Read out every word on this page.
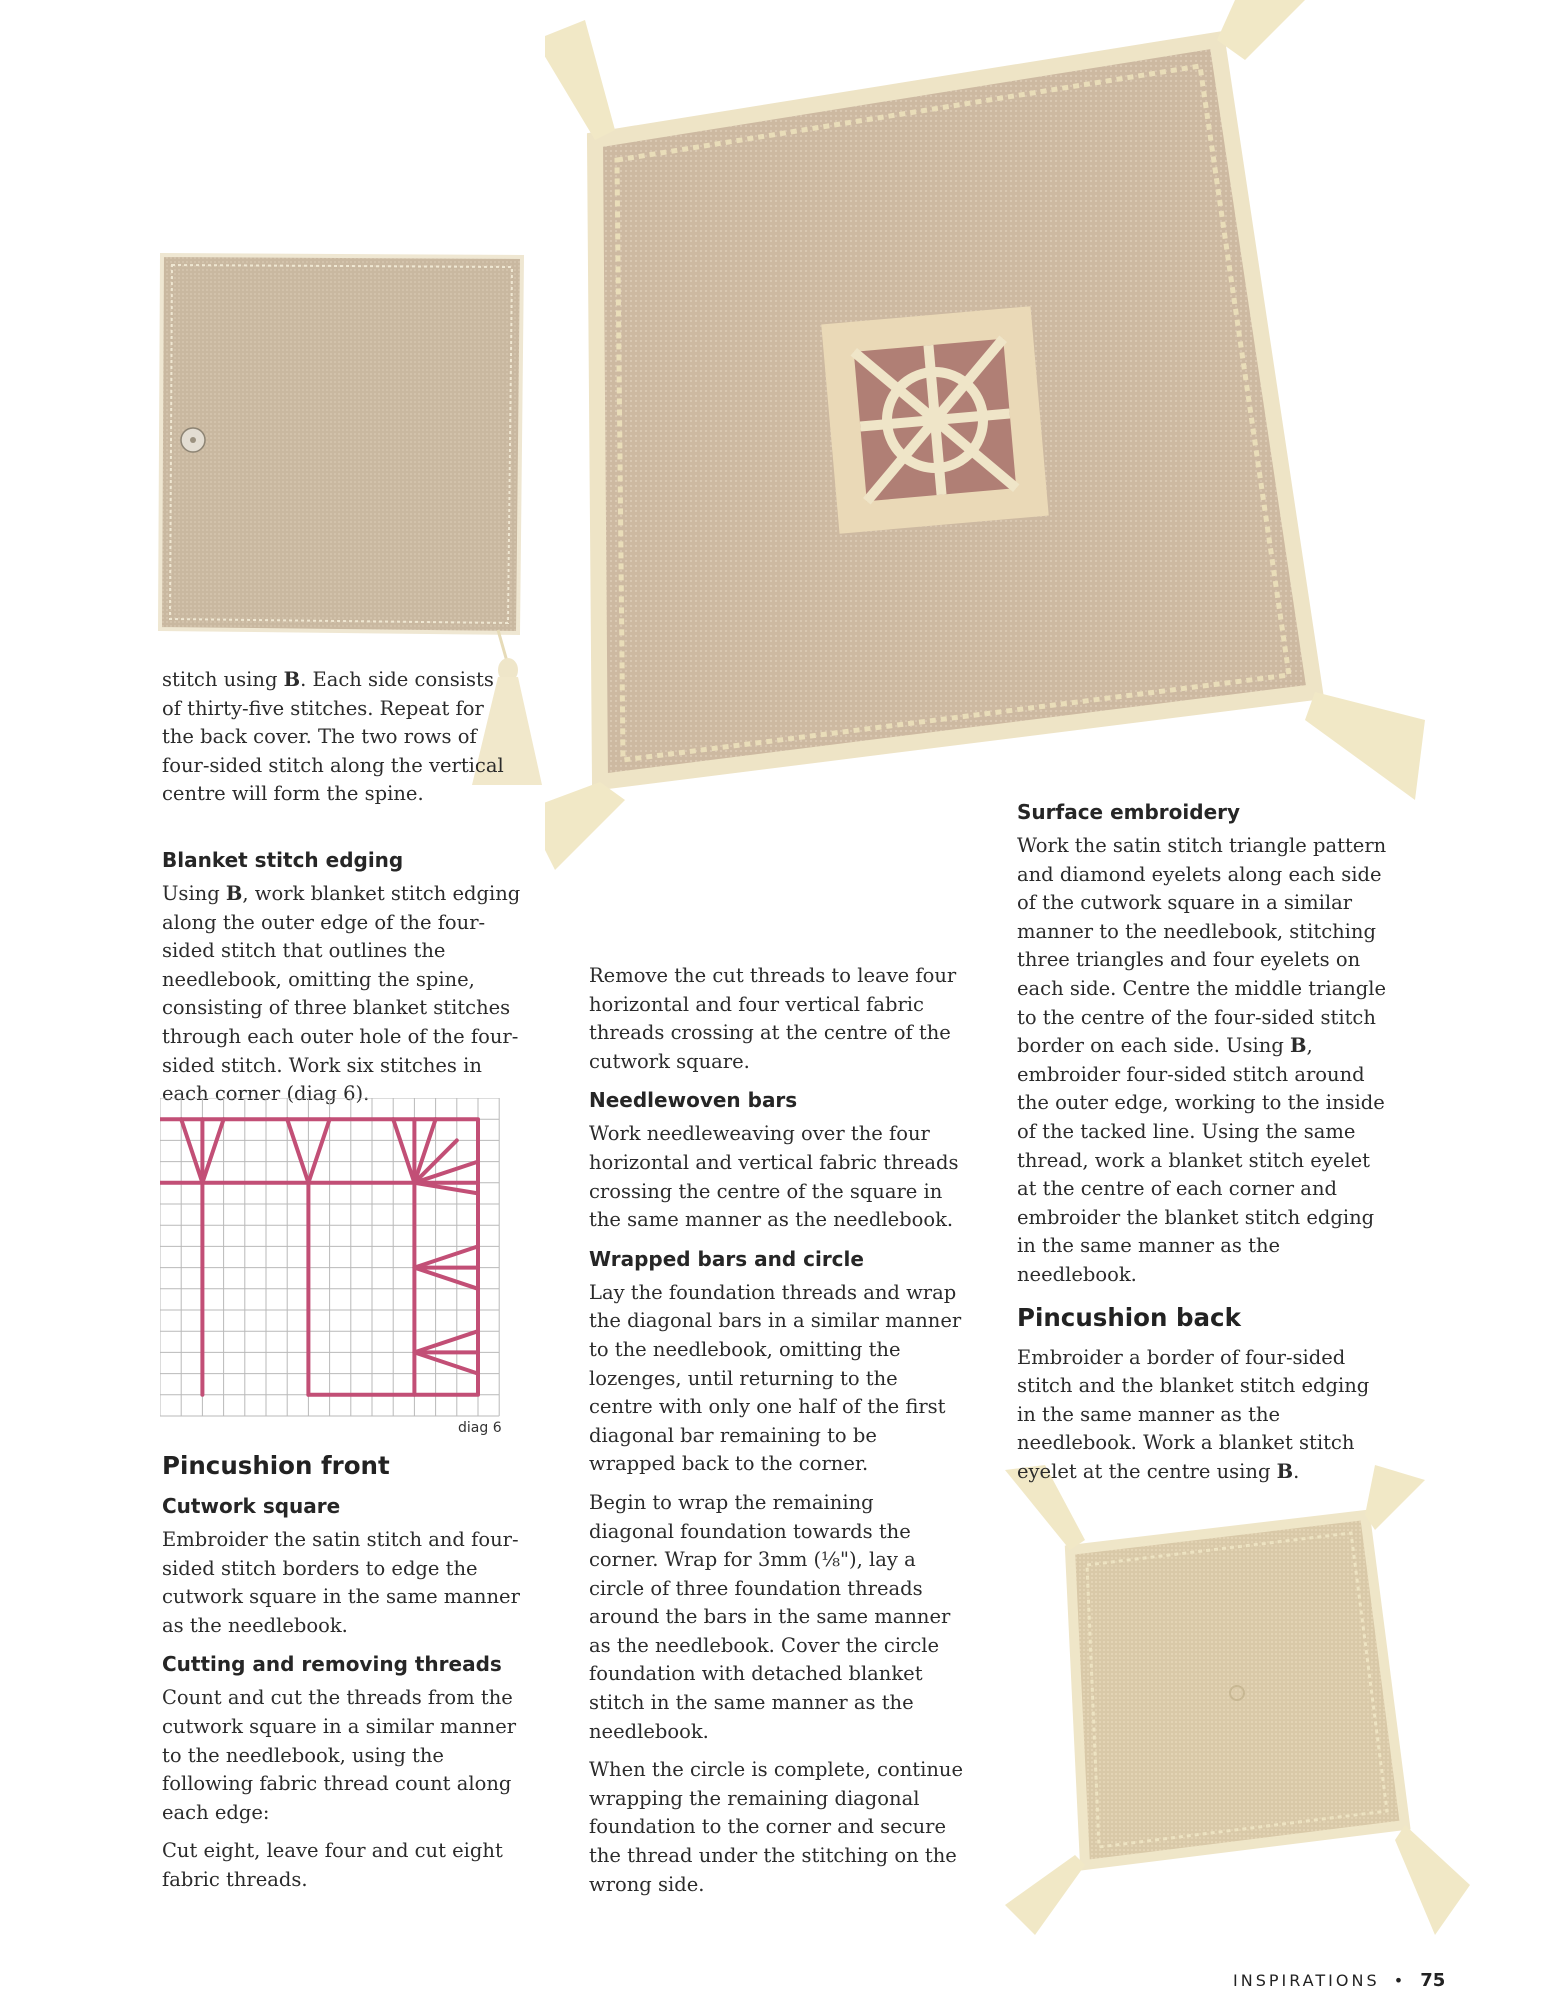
stitch using B. Each side consists of thirty-five stitches. Repeat for the back cover. The two rows of four-sided stitch along the vertical centre will form the spine.

Blanket stitch edging

Using B, work blanket stitch edging along the outer edge of the four-sided stitch that outlines the needlebook, omitting the spine, consisting of three blanket stitches through each outer hole of the four-sided stitch. Work six stitches in each corner (diag 6).

diag 6
Pincushion front
Cutwork square

Embroider the satin stitch and four-sided stitch borders to edge the cutwork square in the same manner as the needlebook.

Cutting and removing threads

Count and cut the threads from the cutwork square in a similar manner to the needlebook, using the following fabric thread count along each edge:

Cut eight, leave four and cut eight fabric threads.

Remove the cut threads to leave four horizontal and four vertical fabric threads crossing at the centre of the cutwork square.

Needlewoven bars

Work needleweaving over the four horizontal and vertical fabric threads crossing the centre of the square in the same manner as the needlebook.

Wrapped bars and circle

Lay the foundation threads and wrap the diagonal bars in a similar manner to the needlebook, omitting the lozenges, until returning to the centre with only one half of the first diagonal bar remaining to be wrapped back to the corner.

Begin to wrap the remaining diagonal foundation towards the corner. Wrap for 3mm (⅛"), lay a circle of three foundation threads around the bars in the same manner as the needlebook. Cover the circle foundation with detached blanket stitch in the same manner as the needlebook.

When the circle is complete, continue wrapping the remaining diagonal foundation to the corner and secure the thread under the stitching on the wrong side.

Surface embroidery

Work the satin stitch triangle pattern and diamond eyelets along each side of the cutwork square in a similar manner to the needlebook, stitching three triangles and four eyelets on each side. Centre the middle triangle to the centre of the four-sided stitch border on each side. Using B, embroider four-sided stitch around the outer edge, working to the inside of the tacked line. Using the same thread, work a blanket stitch eyelet at the centre of each corner and embroider the blanket stitch edging in the same manner as the needlebook.

Pincushion back

Embroider a border of four-sided stitch and the blanket stitch edging in the same manner as the needlebook. Work a blanket stitch eyelet at the centre using B.

INSPIRATIONS • 75
